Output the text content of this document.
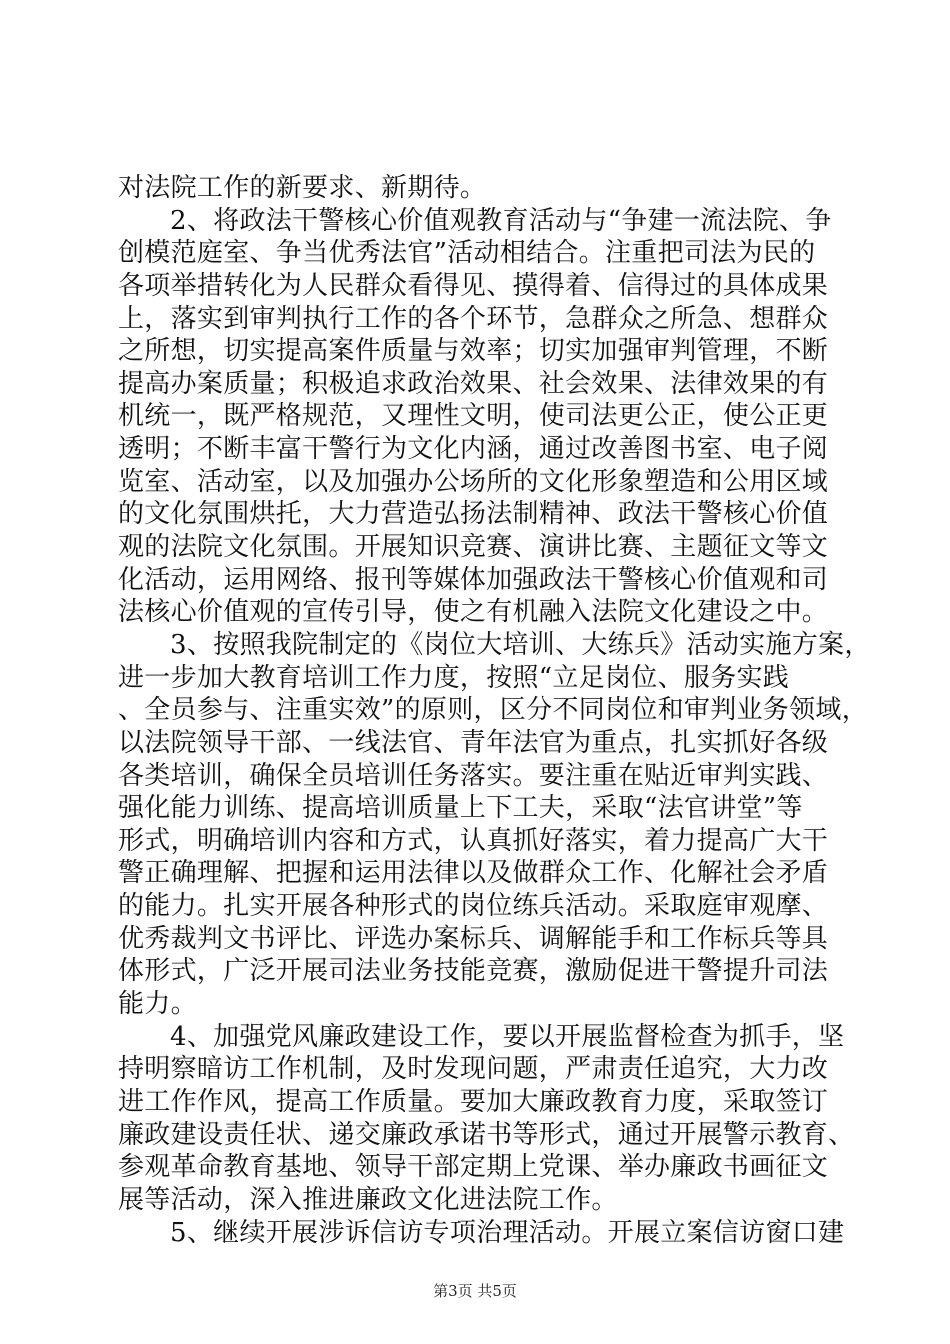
对法院工作的新要求、新期待。
2、将政法干警核心价值观教育活动与“争建一流法院、争
创模范庭室、争当优秀法官”活动相结合。注重把司法为民的
各项举措转化为人民群众看得见、摸得着、信得过的具体成果
上，落实到审判执行工作的各个环节，急群众之所急、想群众
之所想，切实提高案件质量与效率；切实加强审判管理，不断
提高办案质量；积极追求政治效果、社会效果、法律效果的有
机统一，既严格规范，又理性文明，使司法更公正，使公正更
透明；不断丰富干警行为文化内涵，通过改善图书室、电子阅
览室、活动室，以及加强办公场所的文化形象塑造和公用区域
的文化氛围烘托，大力营造弘扬法制精神、政法干警核心价值
观的法院文化氛围。开展知识竞赛、演讲比赛、主题征文等文
化活动，运用网络、报刊等媒体加强政法干警核心价值观和司
法核心价值观的宣传引导，使之有机融入法院文化建设之中。
3、按照我院制定的《岗位大培训、大练兵》活动实施方案，
进一步加大教育培训工作力度，按照“立足岗位、服务实践
、全员参与、注重实效”的原则，区分不同岗位和审判业务领域，
以法院领导干部、一线法官、青年法官为重点，扎实抓好各级
各类培训，确保全员培训任务落实。要注重在贴近审判实践、
强化能力训练、提高培训质量上下工夫，采取“法官讲堂”等
形式，明确培训内容和方式，认真抓好落实，着力提高广大干
警正确理解、把握和运用法律以及做群众工作、化解社会矛盾
的能力。扎实开展各种形式的岗位练兵活动。采取庭审观摩、
优秀裁判文书评比、评选办案标兵、调解能手和工作标兵等具
体形式，广泛开展司法业务技能竞赛，激励促进干警提升司法
能力。
4、加强党风廉政建设工作，要以开展监督检查为抓手，坚
持明察暗访工作机制，及时发现问题，严肃责任追究，大力改
进工作作风，提高工作质量。要加大廉政教育力度，采取签订
廉政建设责任状、递交廉政承诺书等形式，通过开展警示教育、
参观革命教育基地、领导干部定期上党课、举办廉政书画征文
展等活动，深入推进廉政文化进法院工作。
5、继续开展涉诉信访专项治理活动。开展立案信访窗口建
第3页 共5页
